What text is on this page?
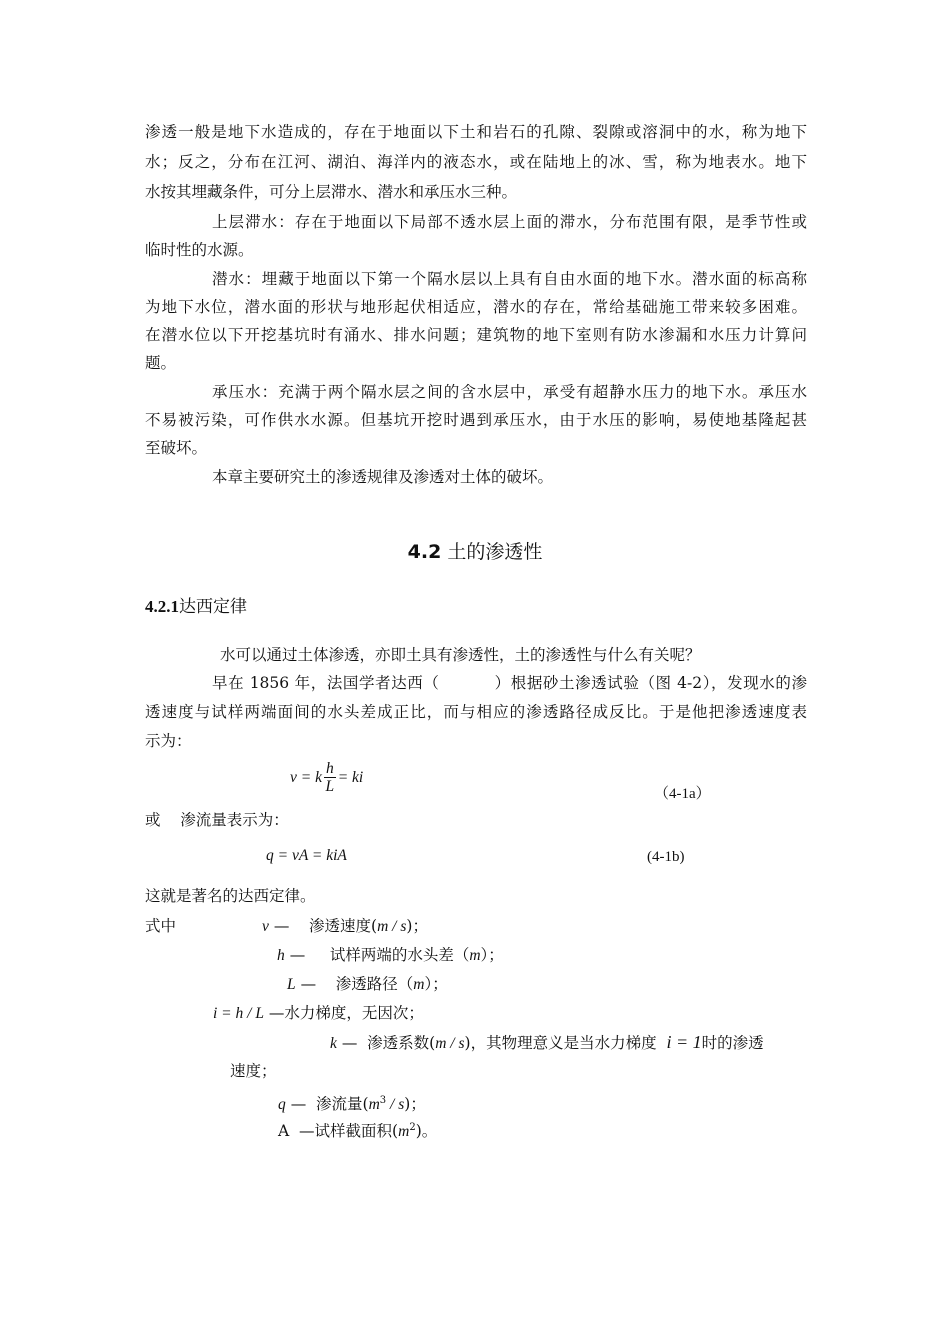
渗透一般是地下水造成的，存在于地面以下土和岩石的孔隙、裂隙或溶洞中的水，称为地下
水；反之，分布在江河、湖泊、海洋内的液态水，或在陆地上的冰、雪，称为地表水。地下
水按其埋藏条件，可分上层滞水、潜水和承压水三种。
上层滞水：存在于地面以下局部不透水层上面的滞水，分布范围有限，是季节性或
临时性的水源。
潜水：埋藏于地面以下第一个隔水层以上具有自由水面的地下水。潜水面的标高称
为地下水位，潜水面的形状与地形起伏相适应，潜水的存在，常给基础施工带来较多困难。
在潜水位以下开挖基坑时有涌水、排水问题；建筑物的地下室则有防水渗漏和水压力计算问
题。
承压水：充满于两个隔水层之间的含水层中，承受有超静水压力的地下水。承压水
不易被污染，可作供水水源。但基坑开挖时遇到承压水，由于水压的影响，易使地基隆起甚
至破坏。
本章主要研究土的渗透规律及渗透对土体的破坏。
4.2 土的渗透性
4.2.1达西定律
水可以通过土体渗透，亦即土具有渗透性，土的渗透性与什么有关呢？
早在 1856 年，法国学者达西（          ）根据砂土渗透试验（图 4-2），发现水的渗
透速度与试样两端面间的水头差成正比，而与相应的渗透路径成反比。于是他把渗透速度表
示为：
v = k $\frac{h}{L}$ = ki
（4-1a）
或    渗流量表示为：
q = vA = kiA	(4-1b)
这就是著名的达西定律。
式中	v —    渗透速度(m / s)；
h —     试样两端的水头差（m）；
L —    渗透路径（m）；
i = h / L —水力梯度，无因次；
k —  渗透系数(m / s)，其物理意义是当水力梯度  i = 1时的渗透
速度；
q —  渗流量$(m^3 / s)$；
A  —试样截面积$(m^2)$。
